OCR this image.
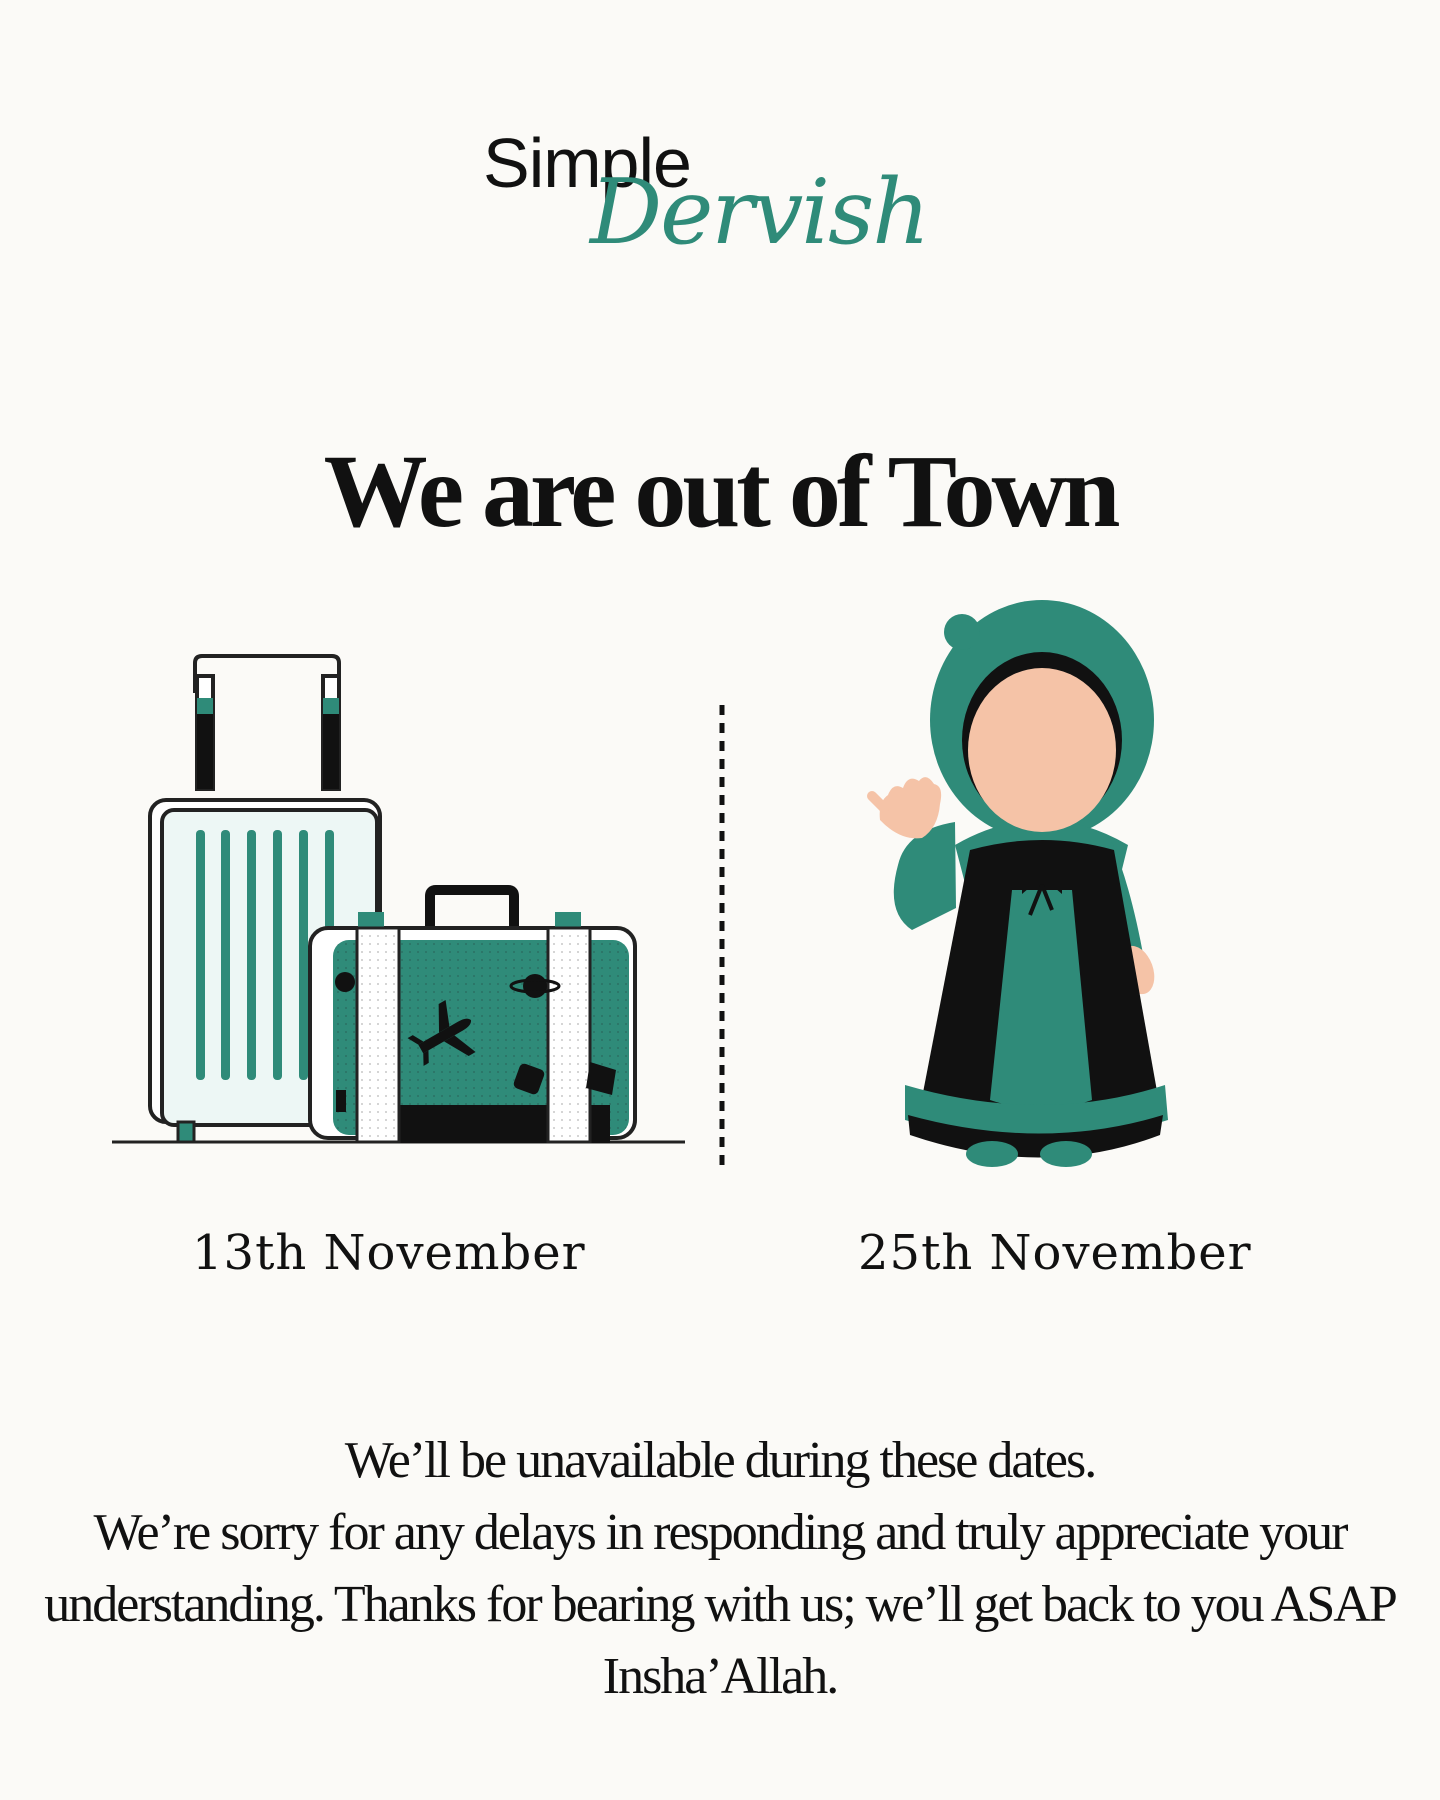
Simple
Dervish
We are out of Town
13th November	25th November
We’ll be unavailable during these dates.
We’re sorry for any delays in responding and truly appreciate your
understanding. Thanks for bearing with us; we’ll get back to you ASAP
Insha’Allah.
